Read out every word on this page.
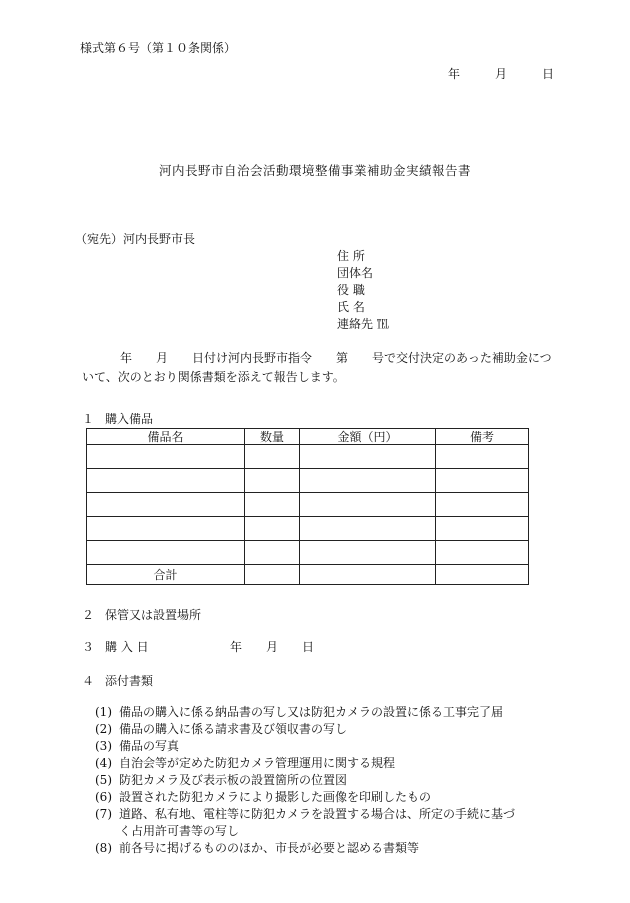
様式第６号（第１０条関係）
年	月	日
河内長野市自治会活動環境整備事業補助金実績報告書
（宛先）河内長野市長
住 所
団体名
役 職
氏 名
連絡先 ℡
年　　月　　日付け河内長野市指令　　第　　号で交付決定のあった補助金について、次のとおり関係書類を添えて報告します。
１ 購入備品
備品名	数量	金額（円）	備考

合計			
２ 保管又は設置場所
３ 購 入 日	年　　月　　日
４ 添付書類
(1) 備品の購入に係る納品書の写し又は防犯カメラの設置に係る工事完了届
(2) 備品の購入に係る請求書及び領収書の写し
(3) 備品の写真
(4) 自治会等が定めた防犯カメラ管理運用に関する規程
(5) 防犯カメラ及び表示板の設置箇所の位置図
(6) 設置された防犯カメラにより撮影した画像を印刷したもの
(7) 道路、私有地、電柱等に防犯カメラを設置する場合は、所定の手続に基づ
く占用許可書等の写し
(8) 前各号に掲げるもののほか、市長が必要と認める書類等
